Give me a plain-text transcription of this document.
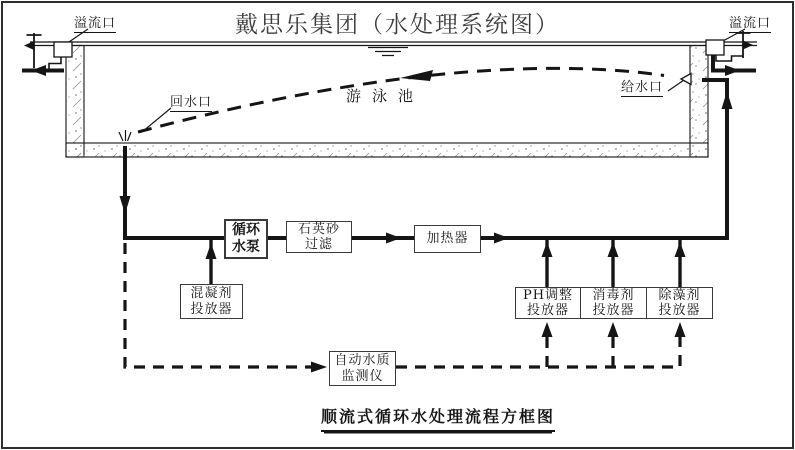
戴思乐集团（水处理系统图）
溢流口	溢流口
回水口
给水口
游泳池
循环
水泵
石英砂
过滤	加热器
混凝剂
投放器
PH调整
投放器
消毒剂
投放器
除藻剂
投放器
自动水质
监测仪
顺流式循环水处理流程方框图
